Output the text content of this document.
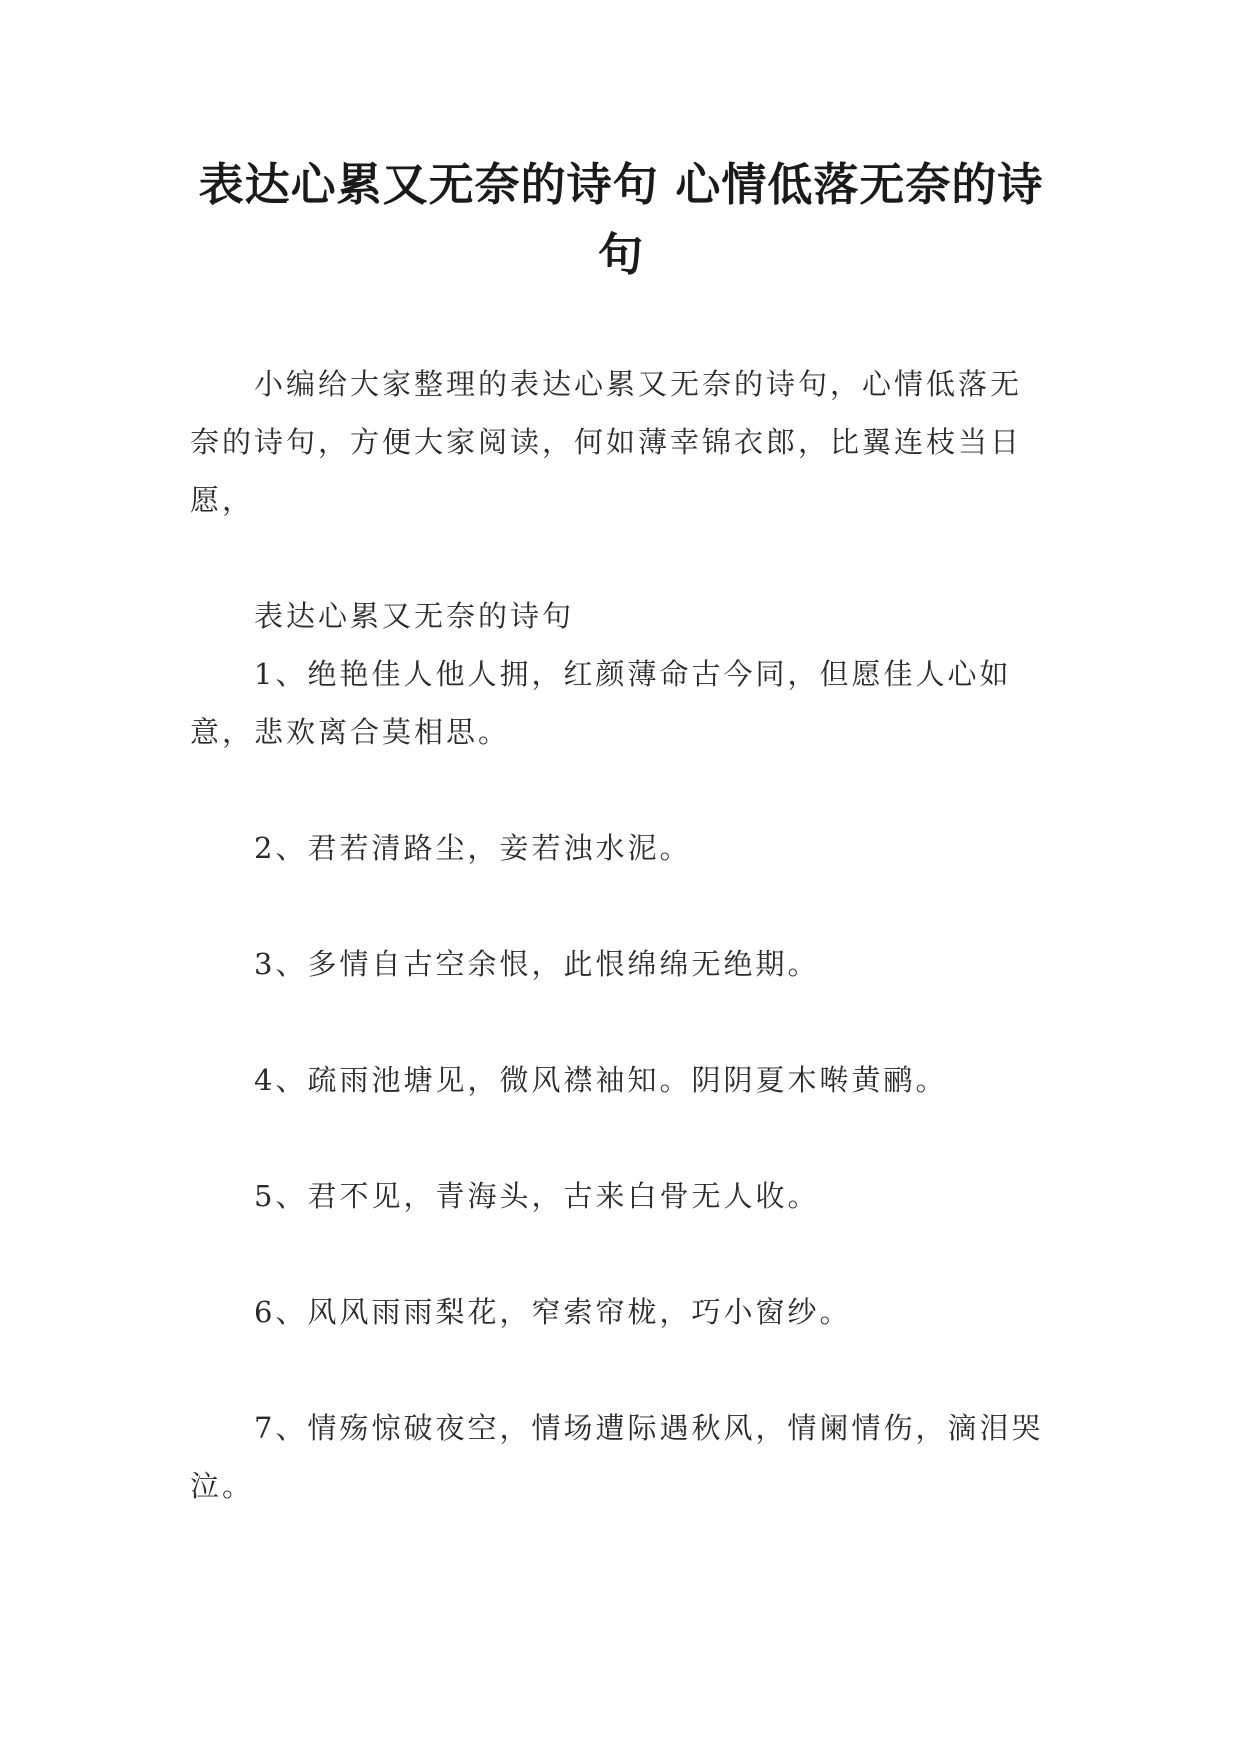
表达心累又无奈的诗句 心情低落无奈的诗句

小编给大家整理的表达心累又无奈的诗句，心情低落无奈的诗句，方便大家阅读，何如薄幸锦衣郎，比翼连枝当日愿，

表达心累又无奈的诗句

1、绝艳佳人他人拥，红颜薄命古今同，但愿佳人心如意，悲欢离合莫相思。

2、君若清路尘，妾若浊水泥。

3、多情自古空余恨，此恨绵绵无绝期。

4、疏雨池塘见，微风襟袖知。阴阴夏木啭黄鹂。

5、君不见，青海头，古来白骨无人收。

6、风风雨雨梨花，窄索帘栊，巧小窗纱。

7、情殇惊破夜空，情场遭际遇秋风，情阑情伤，滴泪哭泣。
